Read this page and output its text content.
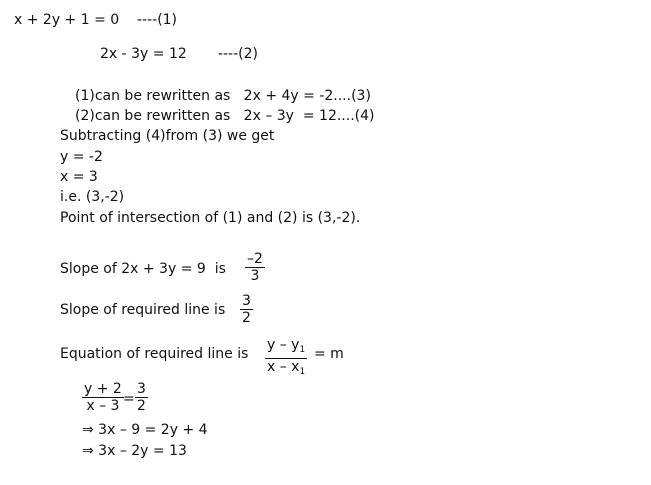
x + 2y + 1 = 0    ----(1)
2x - 3y = 12       ----(2)
(1)can be rewritten as   2x + 4y = -2....(3)
(2)can be rewritten as   2x – 3y  = 12....(4)
Subtracting (4)from (3) we get
y = -2
x = 3
i.e. (3,-2)
Point of intersection of (1) and (2) is (3,-2).
Slope of 2x + 3y = 9  is $\frac{-2}{3}$
Slope of required line is $\frac{3}{2}$
Equation of required line is $\frac{y - y_1}{x - x_1} = m$
$\frac{y + 2}{x - 3} = \frac{3}{2}$
⇒ 3x – 9 = 2y + 4
⇒ 3x – 2y = 13
